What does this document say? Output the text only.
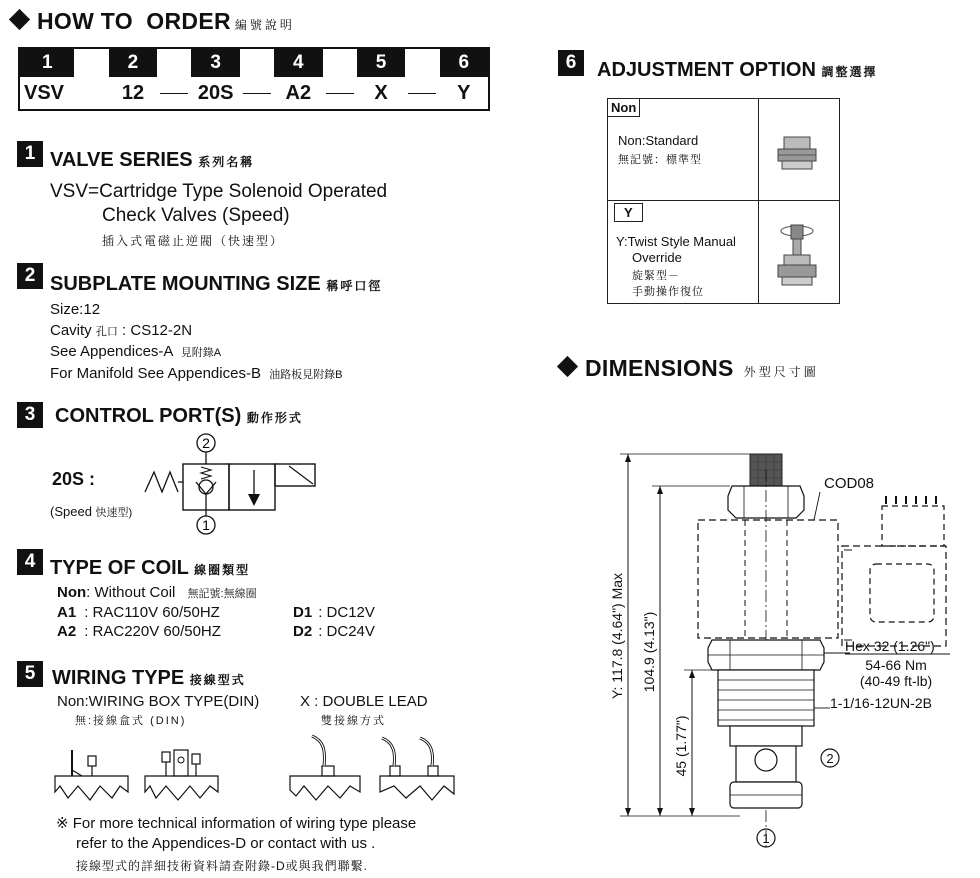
HOW TO  ORDER 編號說明
1		2		3		4		5		6
VSV		12		20S		A2		X		Y
1 VALVE SERIES 系列名稱
VSV=Cartridge Type Solenoid Operated
Check Valves (Speed)
插入式電磁止逆閥（快速型）
2 SUBPLATE MOUNTING SIZE 稱呼口徑
Size:12
Cavity 孔口 : CS12-2N
See Appendices-A 見附錄A
For Manifold See Appendices-B 油路板見附錄B
3 CONTROL PORT(S) 動作形式
20S :
(Speed 快速型)
2
1
4 TYPE OF COIL 線圈類型
Non: Without Coil 無記號:無線圈
A1 : RAC110V 60/50HZ
A2 : RAC220V 60/50HZ
D1 : DC12V
D2 : DC24V
5 WIRING TYPE 接線型式
Non:WIRING BOX TYPE(DIN)
無:接線盒式 (DIN)
X : DOUBLE LEAD
雙接線方式
※ For more technical information of wiring type please
refer to the Appendices-D or contact with us .
接線型式的詳細技術資料請查附錄-D或與我們聯繫.
6	ADJUSTMENT OPTION 調整選擇
Non
Non:Standard
無記號：標準型
Y
Y:Twist Style Manual
Override
旋緊型－
手動操作復位
DIMENSIONS 外型尺寸圖
Y: 117.8 (4.64") Max 104.9 (4.13")
45 (1.77")
COD08
Hex 32 (1.26")
54-66 Nm
(40-49 ft-lb)
1-1/16-12UN-2B
2
1
